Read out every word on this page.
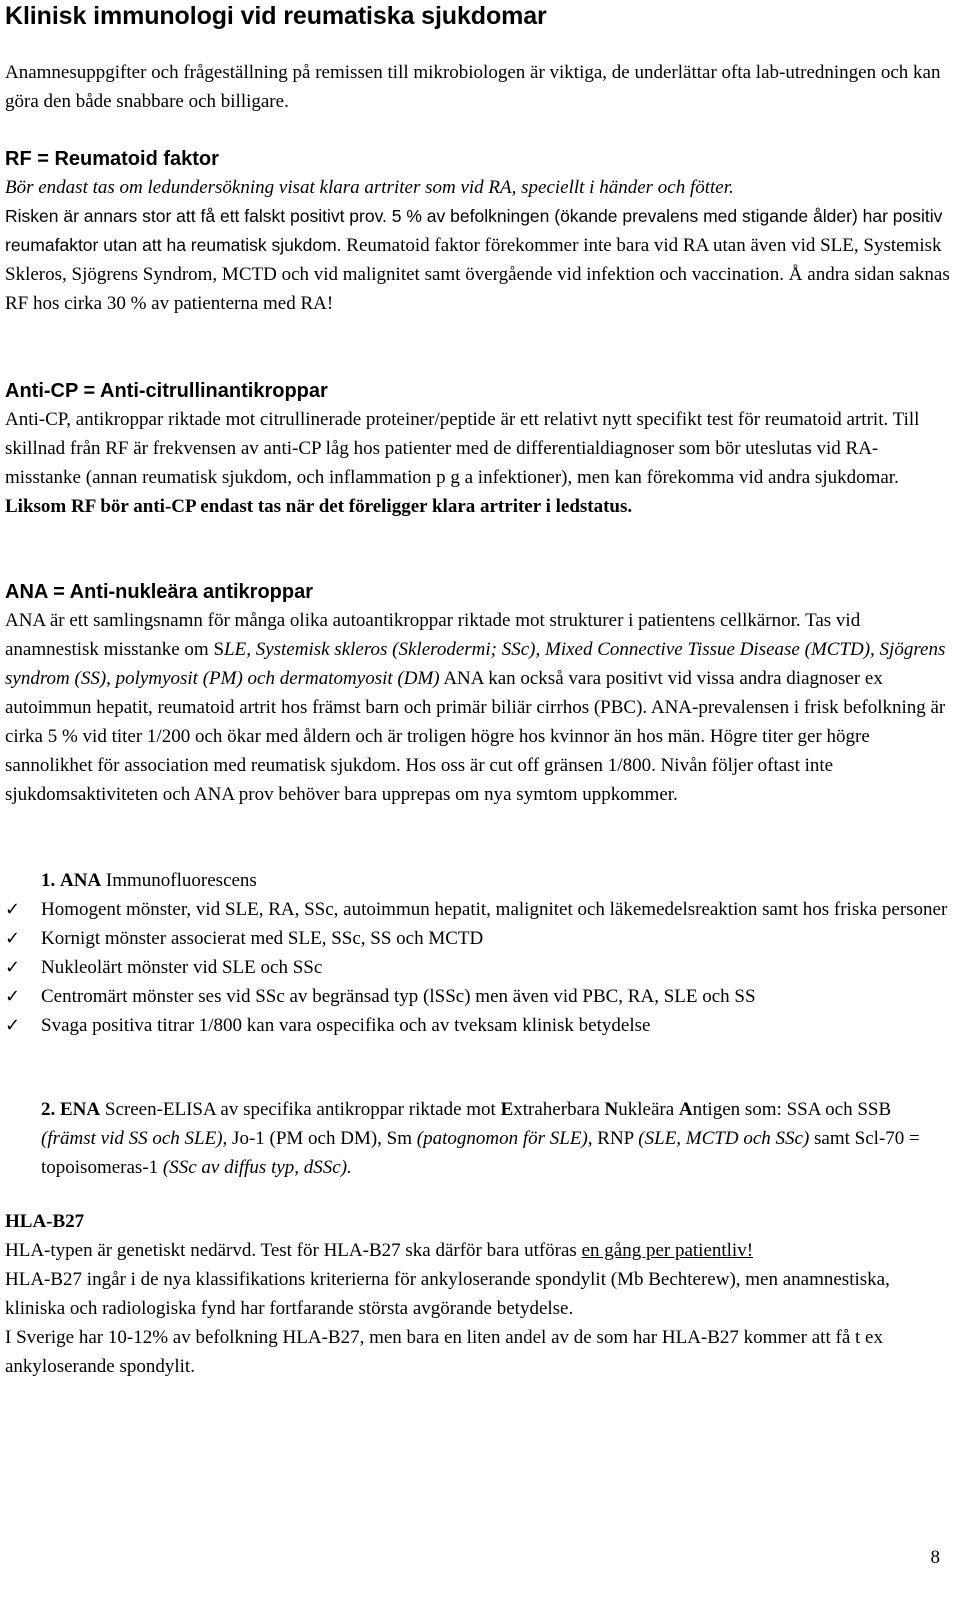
Klinisk immunologi vid reumatiska sjukdomar

Anamnesuppgifter och frågeställning på remissen till mikrobiologen är viktiga, de underlättar ofta lab-utredningen och kan göra den både snabbare och billigare.

RF = Reumatoid faktor

Bör endast tas om ledundersökning visat klara artriter som vid RA, speciellt i händer och fötter.
Risken är annars stor att få ett falskt positivt prov. 5 % av befolkningen (ökande prevalens med stigande ålder) har positiv reumafaktor utan att ha reumatisk sjukdom. Reumatoid faktor förekommer inte bara vid RA utan även vid SLE, Systemisk Skleros, Sjögrens Syndrom, MCTD och vid malignitet samt övergående vid infektion och vaccination. Å andra sidan saknas RF hos cirka 30 % av patienterna med RA!

Anti-CP = Anti-citrullinantikroppar

Anti-CP, antikroppar riktade mot citrullinerade proteiner/peptide är ett relativt nytt specifikt test för reumatoid artrit. Till skillnad från RF är frekvensen av anti-CP låg hos patienter med de differentialdiagnoser som bör uteslutas vid RA-misstanke (annan reumatisk sjukdom, och inflammation p g a infektioner), men kan förekomma vid andra sjukdomar. Liksom RF bör anti-CP endast tas när det föreligger klara artriter i ledstatus.

ANA = Anti-nukleära antikroppar

ANA är ett samlingsnamn för många olika autoantikroppar riktade mot strukturer i patientens cellkärnor. Tas vid anamnestisk misstanke om SLE, Systemisk skleros (Sklerodermi; SSc), Mixed Connective Tissue Disease (MCTD), Sjögrens syndrom (SS), polymyosit (PM) och dermatomyosit (DM) ANA kan också vara positivt vid vissa andra diagnoser ex autoimmun hepatit, reumatoid artrit hos främst barn och primär biliär cirrhos (PBC). ANA-prevalensen i frisk befolkning är cirka 5 % vid titer 1/200 och ökar med åldern och är troligen högre hos kvinnor än hos män. Högre titer ger högre sannolikhet för association med reumatisk sjukdom. Hos oss är cut off gränsen 1/800. Nivån följer oftast inte sjukdomsaktiviteten och ANA prov behöver bara upprepas om nya symtom uppkommer.

1. ANA Immunofluorescens
✓	Homogent mönster, vid SLE, RA, SSc, autoimmun hepatit, malignitet och läkemedelsreaktion samt hos friska personer
✓	Kornigt mönster associerat med SLE, SSc, SS och MCTD
✓	Nukleolärt mönster vid SLE och SSc
✓	Centromärt mönster ses vid SSc av begränsad typ (lSSc) men även vid PBC, RA, SLE och SS
✓	Svaga positiva titrar 1/800 kan vara ospecifika och av tveksam klinisk betydelse

2. ENA Screen-ELISA av specifika antikroppar riktade mot Extraherbara Nukleära Antigen som: SSA och SSB (främst vid SS och SLE), Jo-1 (PM och DM), Sm (patognomon för SLE), RNP (SLE, MCTD och SSc) samt Scl-70 = topoisomeras-1 (SSc av diffus typ, dSSc).

HLA-B27

HLA-typen är genetiskt nedärvd. Test för HLA-B27 ska därför bara utföras en gång per patientliv!

HLA-B27 ingår i de nya klassifikations kriterierna för ankyloserande spondylit (Mb Bechterew), men anamnestiska, kliniska och radiologiska fynd har fortfarande största avgörande betydelse.

I Sverige har 10-12% av befolkning HLA-B27, men bara en liten andel av de som har HLA-B27 kommer att få t ex ankyloserande spondylit.

8
